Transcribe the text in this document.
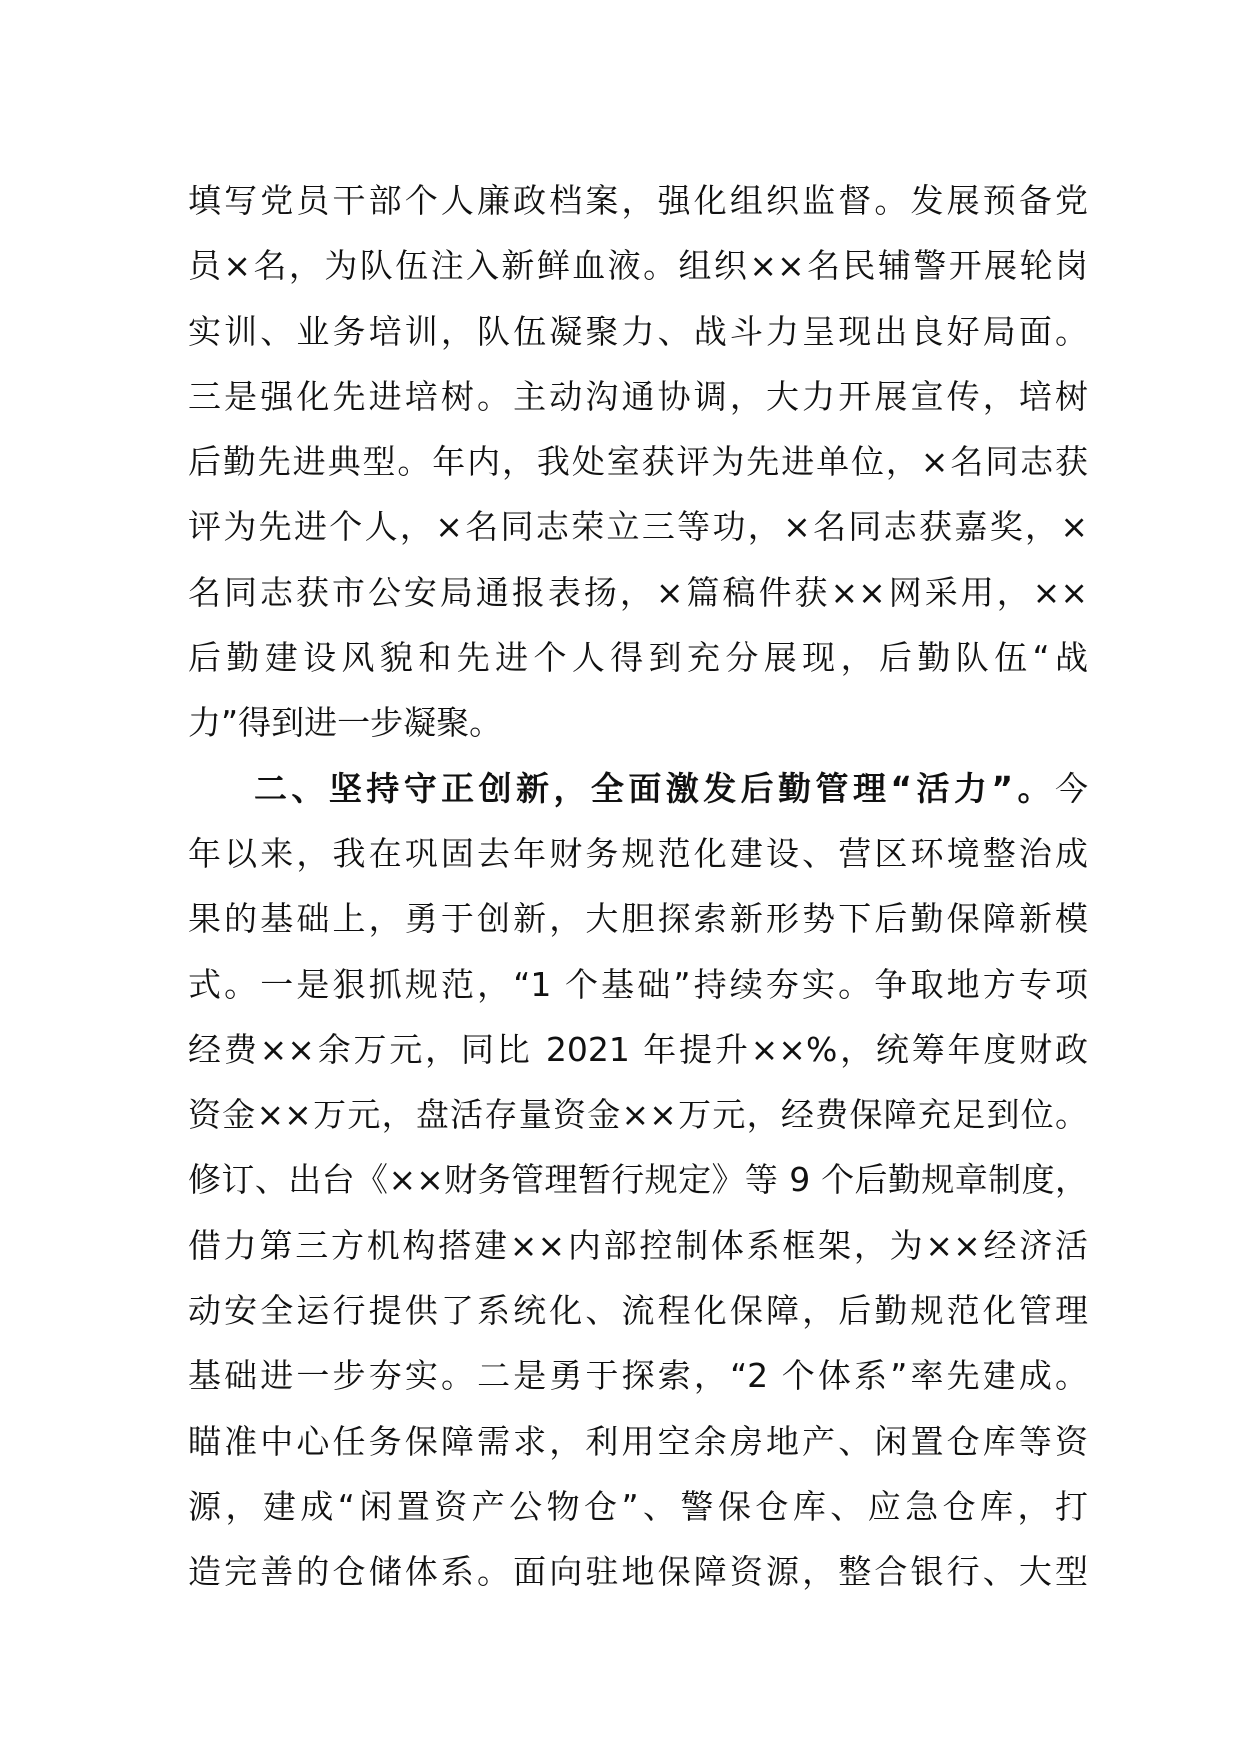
填写党员干部个人廉政档案，强化组织监督。发展预备党
员×名，为队伍注入新鲜血液。组织××名民辅警开展轮岗
实训、业务培训，队伍凝聚力、战斗力呈现出良好局面。
三是强化先进培树。主动沟通协调，大力开展宣传，培树
后勤先进典型。年内，我处室获评为先进单位，×名同志获
评为先进个人，×名同志荣立三等功，×名同志获嘉奖，×
名同志获市公安局通报表扬，×篇稿件获××网采用，××
后勤建设风貌和先进个人得到充分展现，后勤队伍“战
力”得到进一步凝聚。
二、坚持守正创新，全面激发后勤管理“活力”。今
年以来，我在巩固去年财务规范化建设、营区环境整治成
果的基础上，勇于创新，大胆探索新形势下后勤保障新模
式。一是狠抓规范，“1 个基础”持续夯实。争取地方专项
经费××余万元，同比 2021 年提升××%，统筹年度财政
资金××万元，盘活存量资金××万元，经费保障充足到位。
修订、出台《××财务管理暂行规定》等 9 个后勤规章制度，
借力第三方机构搭建××内部控制体系框架，为××经济活
动安全运行提供了系统化、流程化保障，后勤规范化管理
基础进一步夯实。二是勇于探索，“2 个体系”率先建成。
瞄准中心任务保障需求，利用空余房地产、闲置仓库等资
源，建成“闲置资产公物仓”、警保仓库、应急仓库，打
造完善的仓储体系。面向驻地保障资源，整合银行、大型
